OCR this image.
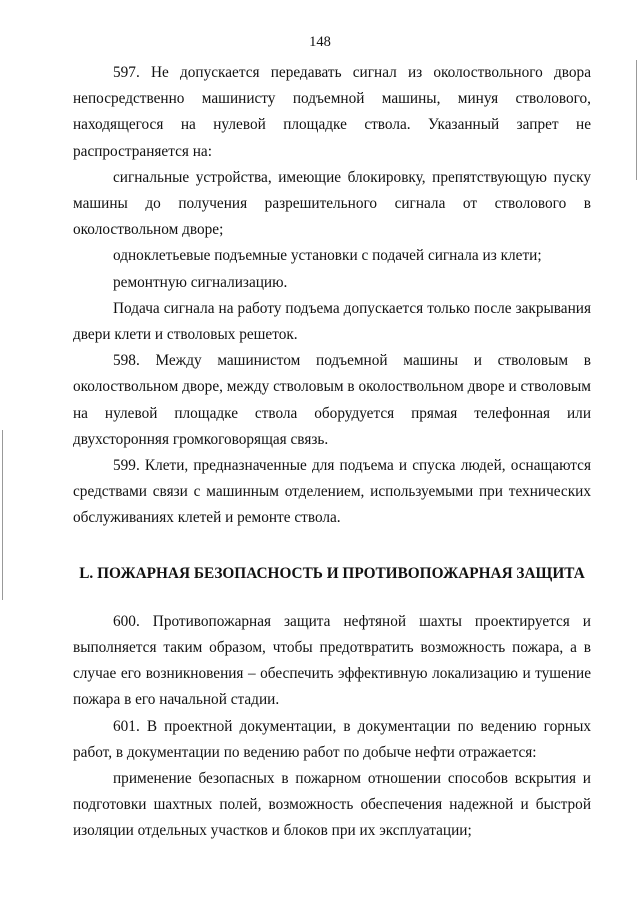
148

597. Не допускается передавать сигнал из околоствольного двора непосредственно машинисту подъемной машины, минуя стволового, находящегося на нулевой площадке ствола. Указанный запрет не распространяется на:

сигнальные устройства, имеющие блокировку, препятствующую пуску машины до получения разрешительного сигнала от стволового в околоствольном дворе;

одноклетьевые подъемные установки с подачей сигнала из клети;

ремонтную сигнализацию.

Подача сигнала на работу подъема допускается только после закрывания двери клети и стволовых решеток.

598. Между машинистом подъемной машины и стволовым в околоствольном дворе, между стволовым в околоствольном дворе и стволовым на нулевой площадке ствола оборудуется прямая телефонная или двухсторонняя громкоговорящая связь.

599. Клети, предназначенные для подъема и спуска людей, оснащаются средствами связи с машинным отделением, используемыми при технических обслуживаниях клетей и ремонте ствола.

L. ПОЖАРНАЯ БЕЗОПАСНОСТЬ И ПРОТИВОПОЖАРНАЯ ЗАЩИТА

600. Противопожарная защита нефтяной шахты проектируется и выполняется таким образом, чтобы предотвратить возможность пожара, а в случае его возникновения – обеспечить эффективную локализацию и тушение пожара в его начальной стадии.

601. В проектной документации, в документации по ведению горных работ, в документации по ведению работ по добыче нефти отражается:

применение безопасных в пожарном отношении способов вскрытия и подготовки шахтных полей, возможность обеспечения надежной и быстрой изоляции отдельных участков и блоков при их эксплуатации;
